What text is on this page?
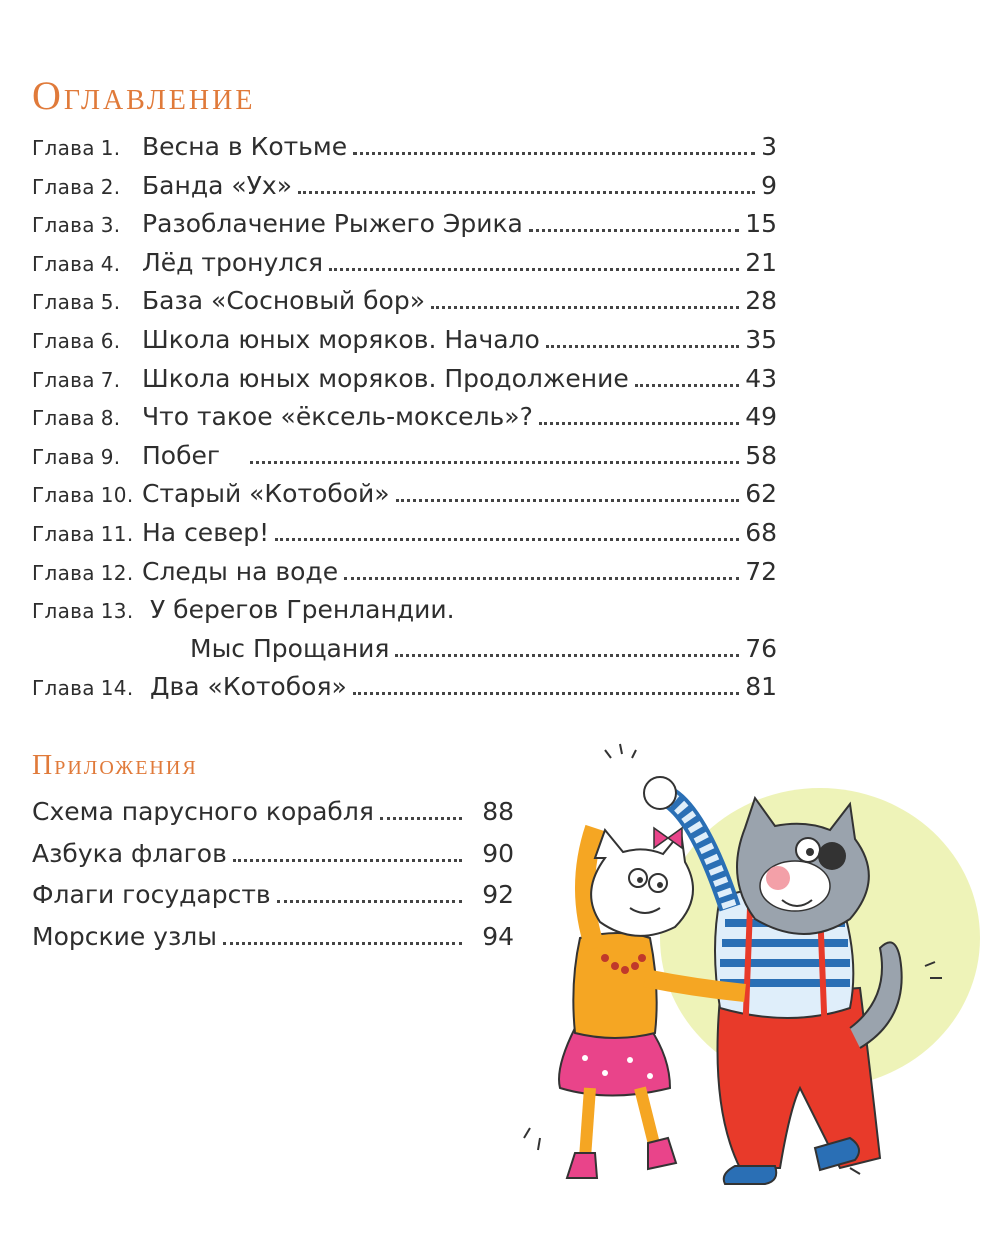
Оглавление
Глава 1. Весна в Котьме	3
Глава 2. Банда «Ух»	9
Глава 3. Разоблачение Рыжего Эрика	15
Глава 4. Лёд тронулся	21
Глава 5. База «Сосновый бор»	28
Глава 6. Школа юных моряков. Начало	35
Глава 7. Школа юных моряков. Продолжение	43
Глава 8. Что такое «ёксель-моксель»?	49
Глава 9. Побег	58
Глава 10. Старый «Котобой»	62
Глава 11. На север!	68
Глава 12. Следы на воде	72
Глава 13. У берегов Гренландии.
Мыс Прощания	76
Глава 14. Два «Котобоя»	81
Приложения
Схема парусного корабля	88
Азбука флагов	90
Флаги государств	92
Морские узлы	94
